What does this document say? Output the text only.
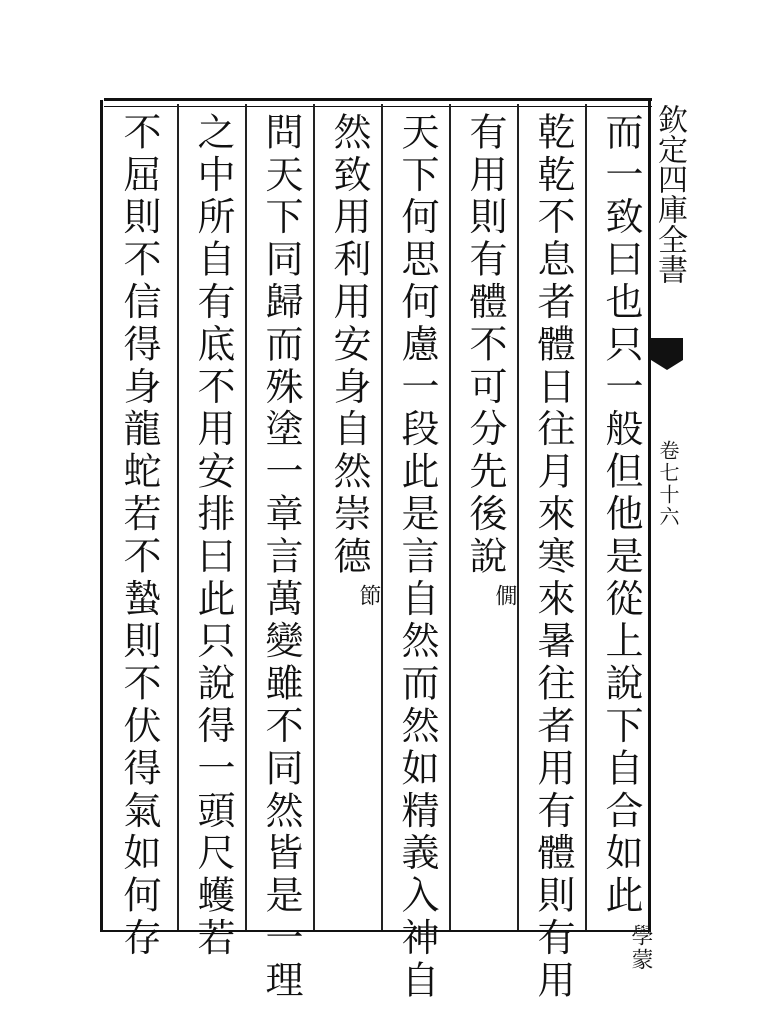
欽定四庫全書
卷七十六
而一致曰也只一般但他是從上說下自合如此學蒙
乾乾不息者體日往月來寒來暑往者用有體則有用
有用則有體不可分先後說僩
天下何思何慮一段此是言自然而然如精義入神自
然致用利用安身自然崇德節
問天下同歸而殊塗一章言萬變雖不同然皆是一理
之中所自有底不用安排曰此只說得一頭尺蠖若
不屈則不信得身龍蛇若不蟄則不伏得氣如何存
